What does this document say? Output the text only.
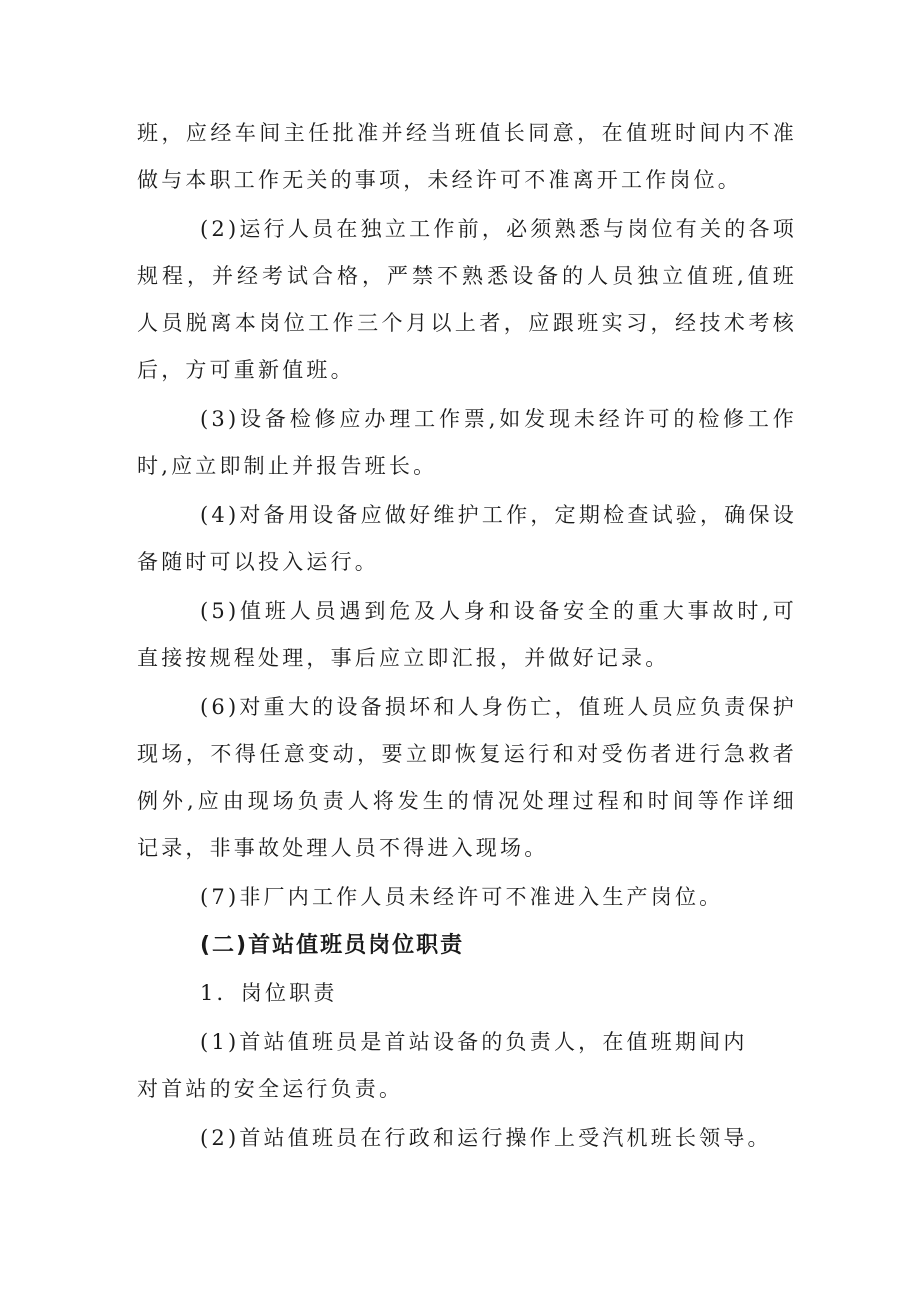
班，应经车间主任批准并经当班值长同意，在值班时间内不准做与本职工作无关的事项，未经许可不准离开工作岗位。

(2)运行人员在独立工作前，必须熟悉与岗位有关的各项规程，并经考试合格，严禁不熟悉设备的人员独立值班,值班人员脱离本岗位工作三个月以上者，应跟班实习，经技术考核后，方可重新值班。

(3)设备检修应办理工作票,如发现未经许可的检修工作时,应立即制止并报告班长。

(4)对备用设备应做好维护工作，定期检查试验，确保设备随时可以投入运行。

(5)值班人员遇到危及人身和设备安全的重大事故时,可直接按规程处理，事后应立即汇报，并做好记录。

(6)对重大的设备损坏和人身伤亡，值班人员应负责保护现场，不得任意变动，要立即恢复运行和对受伤者进行急救者例外,应由现场负责人将发生的情况处理过程和时间等作详细记录，非事故处理人员不得进入现场。

(7)非厂内工作人员未经许可不准进入生产岗位。

(二)首站值班员岗位职责

1．岗位职责

(1)首站值班员是首站设备的负责人，在值班期间内

对首站的安全运行负责。

(2)首站值班员在行政和运行操作上受汽机班长领导。
